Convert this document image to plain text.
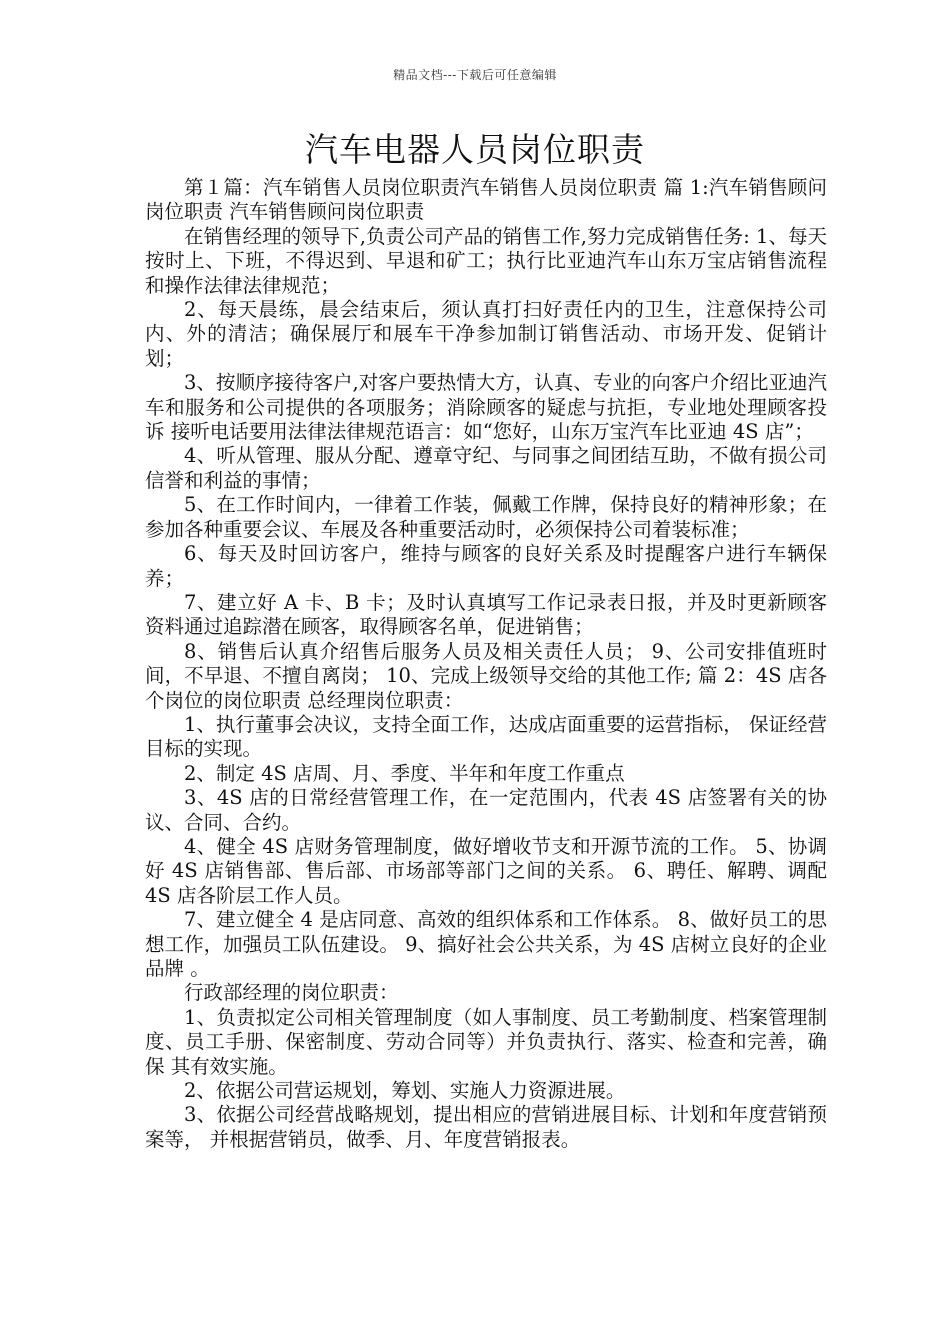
精品文档---下载后可任意编辑
汽车电器人员岗位职责

第１篇：汽车销售人员岗位职责汽车销售人员岗位职责 篇 1:汽车销售顾问岗位职责 汽车销售顾问岗位职责

在销售经理的领导下,负责公司产品的销售工作,努力完成销售任务: 1、每天按时上、下班，不得迟到、早退和矿工；执行比亚迪汽车山东万宝店销售流程和操作法律法律规范；

2、每天晨练，晨会结束后，须认真打扫好责任内的卫生，注意保持公司内、外的清洁；确保展厅和展车干净参加制订销售活动、市场开发、促销计划；

3、按顺序接待客户,对客户要热情大方，认真、专业的向客户介绍比亚迪汽车和服务和公司提供的各项服务；消除顾客的疑虑与抗拒，专业地处理顾客投诉 接听电话要用法律法律规范语言：如“您好，山东万宝汽车比亚迪 4S 店”；

4、听从管理、服从分配、遵章守纪、与同事之间团结互助，不做有损公司信誉和利益的事情；

5、在工作时间内，一律着工作装，佩戴工作牌，保持良好的精神形象；在参加各种重要会议、车展及各种重要活动时，必须保持公司着装标准；

6、每天及时回访客户，维持与顾客的良好关系及时提醒客户进行车辆保养；

7、建立好 A 卡、B 卡；及时认真填写工作记录表日报，并及时更新顾客资料通过追踪潜在顾客，取得顾客名单，促进销售；

8、销售后认真介绍售后服务人员及相关责任人员； 9、公司安排值班时间，不早退、不擅自离岗； 10、完成上级领导交给的其他工作; 篇 2：4S 店各个岗位的岗位职责 总经理岗位职责：

1、执行董事会决议，支持全面工作，达成店面重要的运营指标， 保证经营目标的实现。

2、制定 4S 店周、月、季度、半年和年度工作重点

3、4S 店的日常经营管理工作，在一定范围内，代表 4S 店签署有关的协议、合同、合约。

4、健全 4S 店财务管理制度，做好增收节支和开源节流的工作。 5、协调好 4S 店销售部、售后部、市场部等部门之间的关系。 6、聘任、解聘、调配 4S 店各阶层工作人员。

7、建立健全 4 是店同意、高效的组织体系和工作体系。 8、做好员工的思想工作，加强员工队伍建设。 9、搞好社会公共关系，为 4S 店树立良好的企业 品牌 。

行政部经理的岗位职责：

1、负责拟定公司相关管理制度（如人事制度、员工考勤制度、档案管理制度、员工手册、保密制度、劳动合同等）并负责执行、落实、检查和完善，确保 其有效实施。

2、依据公司营运规划，筹划、实施人力资源进展。

3、依据公司经营战略规划，提出相应的营销进展目标、计划和年度营销预案等， 并根据营销员，做季、月、年度营销报表。
